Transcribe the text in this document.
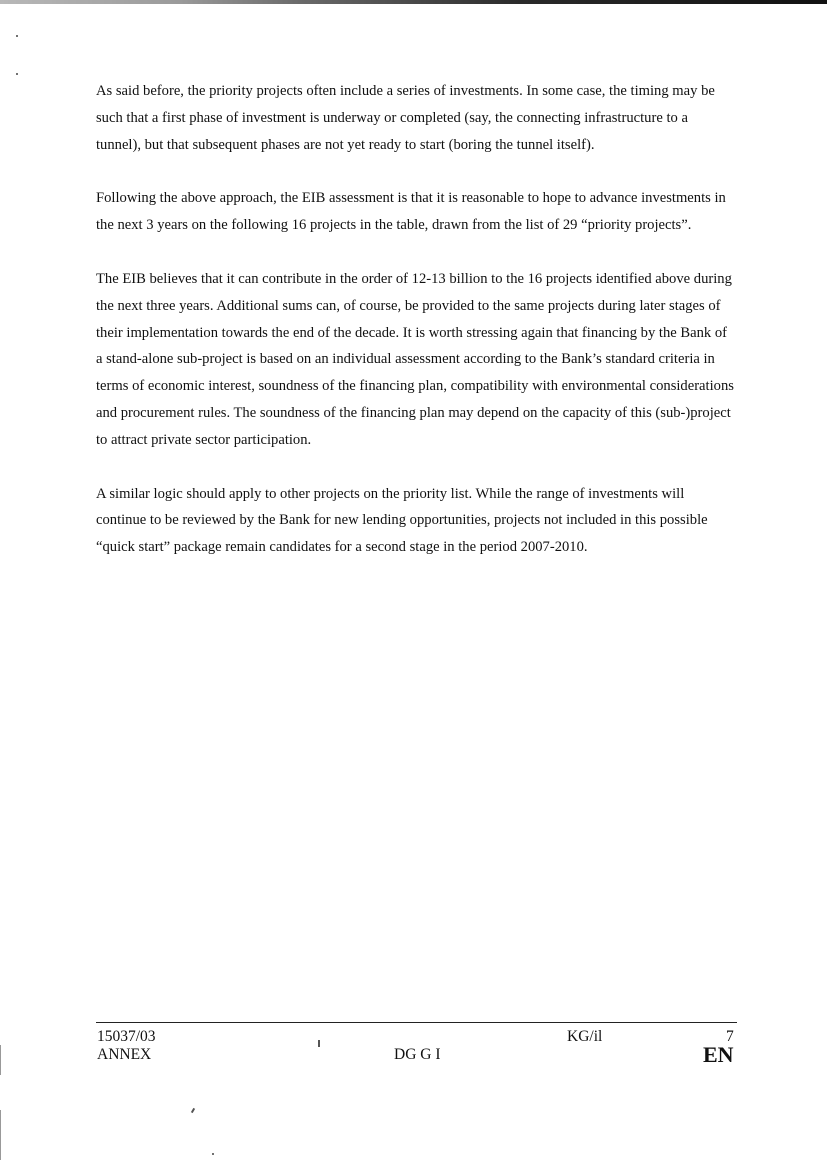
As said before, the priority projects often include a series of investments. In some case, the timing may be such that a first phase of investment is underway or completed (say, the connecting infrastructure to a tunnel), but that subsequent phases are not yet ready to start (boring the tunnel itself).

Following the above approach, the EIB assessment is that it is reasonable to hope to advance investments in the next 3 years on the following 16 projects in the table, drawn from the list of 29 “priority projects”.

The EIB believes that it can contribute in the order of 12-13 billion to the 16 projects identified above during the next three years. Additional sums can, of course, be provided to the same projects during later stages of their implementation towards the end of the decade. It is worth stressing again that financing by the Bank of a stand-alone sub-project is based on an individual assessment according to the Bank’s standard criteria in terms of economic interest, soundness of the financing plan, compatibility with environmental considerations and procurement rules. The soundness of the financing plan may depend on the capacity of this (sub-)project to attract private sector participation.

A similar logic should apply to other projects on the priority list. While the range of investments will continue to be reviewed by the Bank for new lending opportunities, projects not included in this possible “quick start” package remain candidates for a second stage in the period 2007-2010.

15037/03
ANNEX	DG G I
KG/il	7
EN
